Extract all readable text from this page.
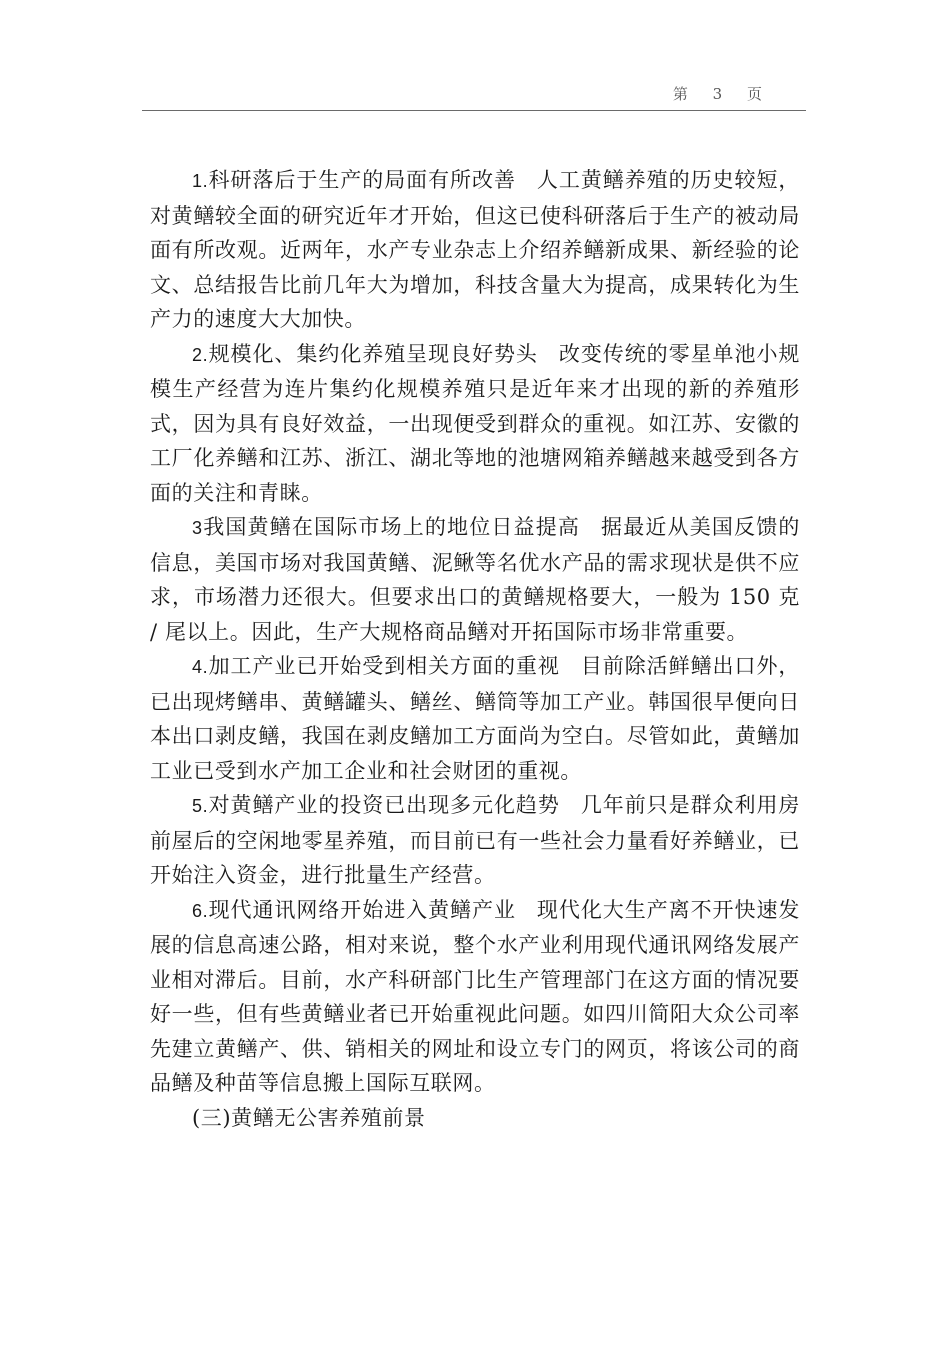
第 3 页

1.科研落后于生产的局面有所改善 人工黄鳝养殖的历史较短，对黄鳝较全面的研究近年才开始，但这已使科研落后于生产的被动局面有所改观。近两年，水产专业杂志上介绍养鳝新成果、新经验的论文、总结报告比前几年大为增加，科技含量大为提高，成果转化为生产力的速度大大加快。

2.规模化、集约化养殖呈现良好势头 改变传统的零星单池小规模生产经营为连片集约化规模养殖只是近年来才出现的新的养殖形式，因为具有良好效益，一出现便受到群众的重视。如江苏、安徽的工厂化养鳝和江苏、浙江、湖北等地的池塘网箱养鳝越来越受到各方面的关注和青睐。

3我国黄鳝在国际市场上的地位日益提高 据最近从美国反馈的信息，美国市场对我国黄鳝、泥鳅等名优水产品的需求现状是供不应求，市场潜力还很大。但要求出口的黄鳝规格要大，一般为 150 克 / 尾以上。因此，生产大规格商品鳝对开拓国际市场非常重要。

4.加工产业已开始受到相关方面的重视 目前除活鲜鳝出口外，已出现烤鳝串、黄鳝罐头、鳝丝、鳝筒等加工产业。韩国很早便向日本出口剥皮鳝，我国在剥皮鳝加工方面尚为空白。尽管如此，黄鳝加工业已受到水产加工企业和社会财团的重视。

5.对黄鳝产业的投资已出现多元化趋势 几年前只是群众利用房前屋后的空闲地零星养殖，而目前已有一些社会力量看好养鳝业，已开始注入资金，进行批量生产经营。

6.现代通讯网络开始进入黄鳝产业 现代化大生产离不开快速发展的信息高速公路，相对来说，整个水产业利用现代通讯网络发展产业相对滞后。目前，水产科研部门比生产管理部门在这方面的情况要好一些，但有些黄鳝业者已开始重视此问题。如四川简阳大众公司率先建立黄鳝产、供、销相关的网址和设立专门的网页，将该公司的商品鳝及种苗等信息搬上国际互联网。

(三)黄鳝无公害养殖前景
